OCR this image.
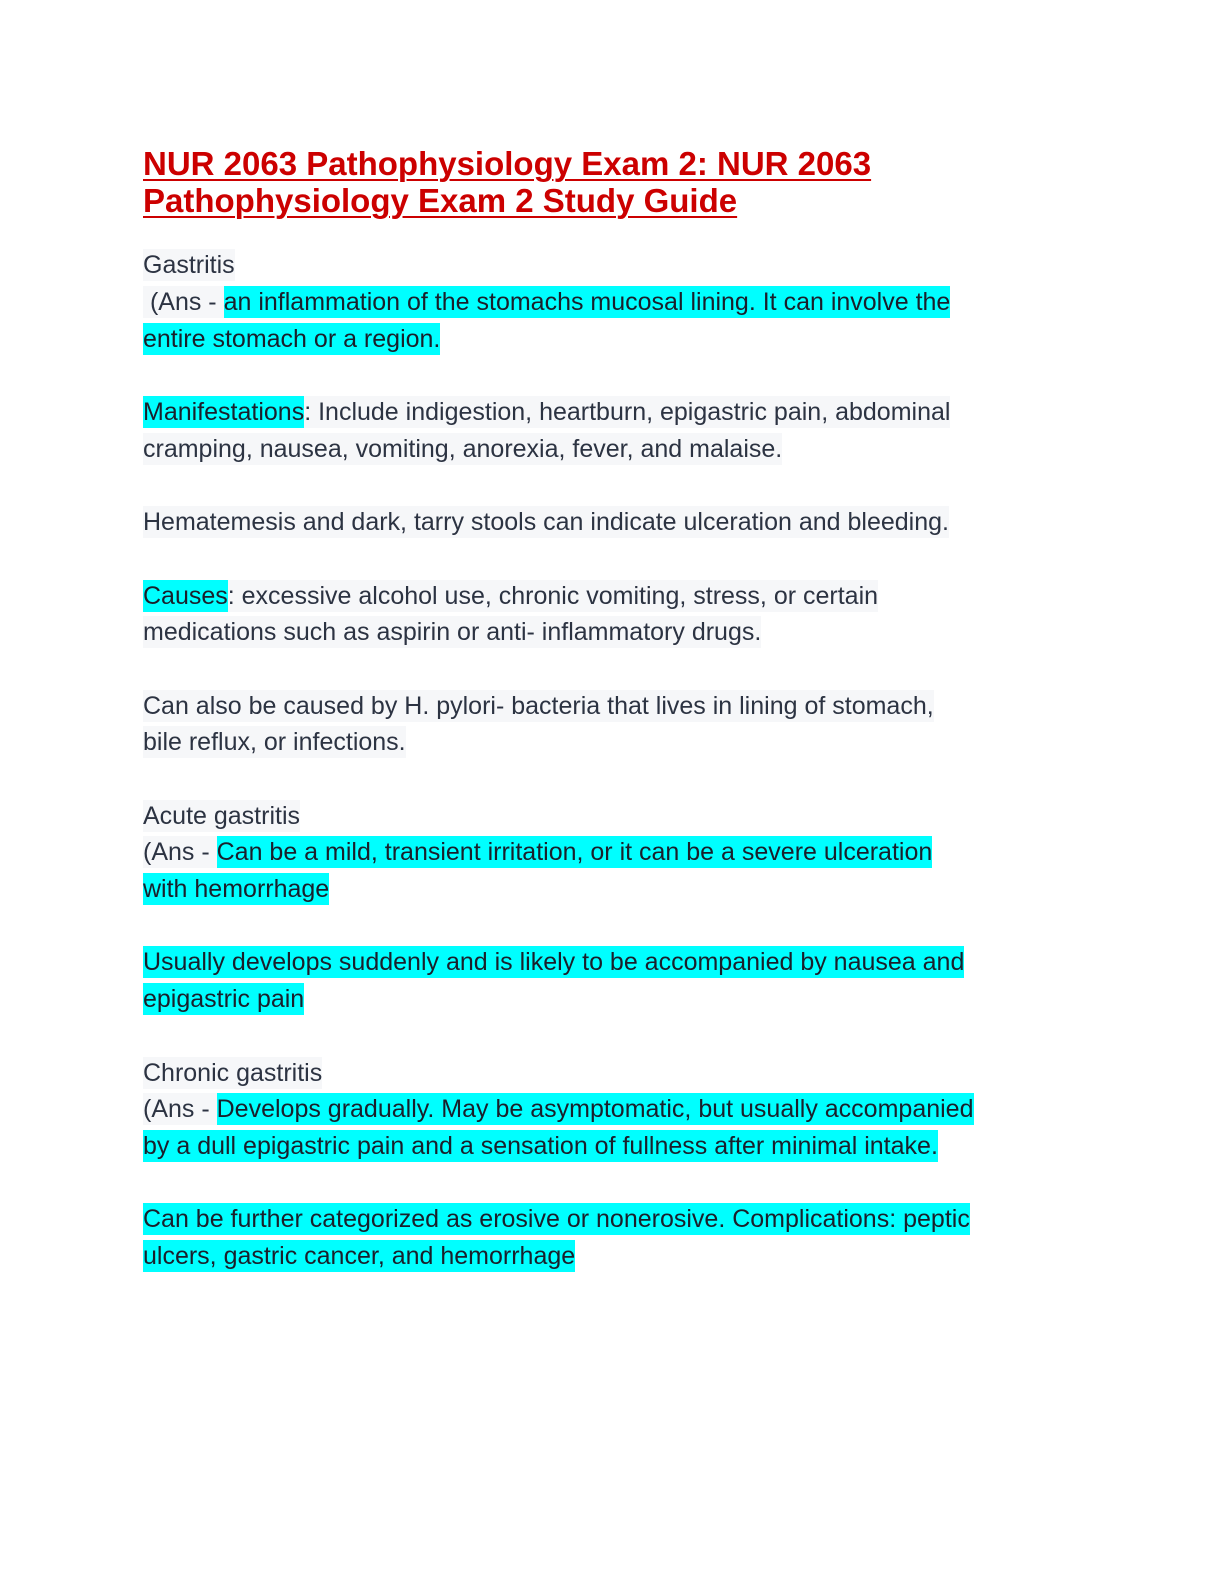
NUR 2063 Pathophysiology Exam 2: NUR 2063
Pathophysiology Exam 2 Study Guide
Gastritis
(Ans - an inflammation of the stomachs mucosal lining. It can involve the
entire stomach or a region.
Manifestations: Include indigestion, heartburn, epigastric pain, abdominal
cramping, nausea, vomiting, anorexia, fever, and malaise.
Hematemesis and dark, tarry stools can indicate ulceration and bleeding.
Causes: excessive alcohol use, chronic vomiting, stress, or certain
medications such as aspirin or anti- inflammatory drugs.
Can also be caused by H. pylori- bacteria that lives in lining of stomach,
bile reflux, or infections.
Acute gastritis
(Ans - Can be a mild, transient irritation, or it can be a severe ulceration
with hemorrhage
Usually develops suddenly and is likely to be accompanied by nausea and
epigastric pain
Chronic gastritis
(Ans - Develops gradually. May be asymptomatic, but usually accompanied
by a dull epigastric pain and a sensation of fullness after minimal intake.
Can be further categorized as erosive or nonerosive. Complications: peptic
ulcers, gastric cancer, and hemorrhage
